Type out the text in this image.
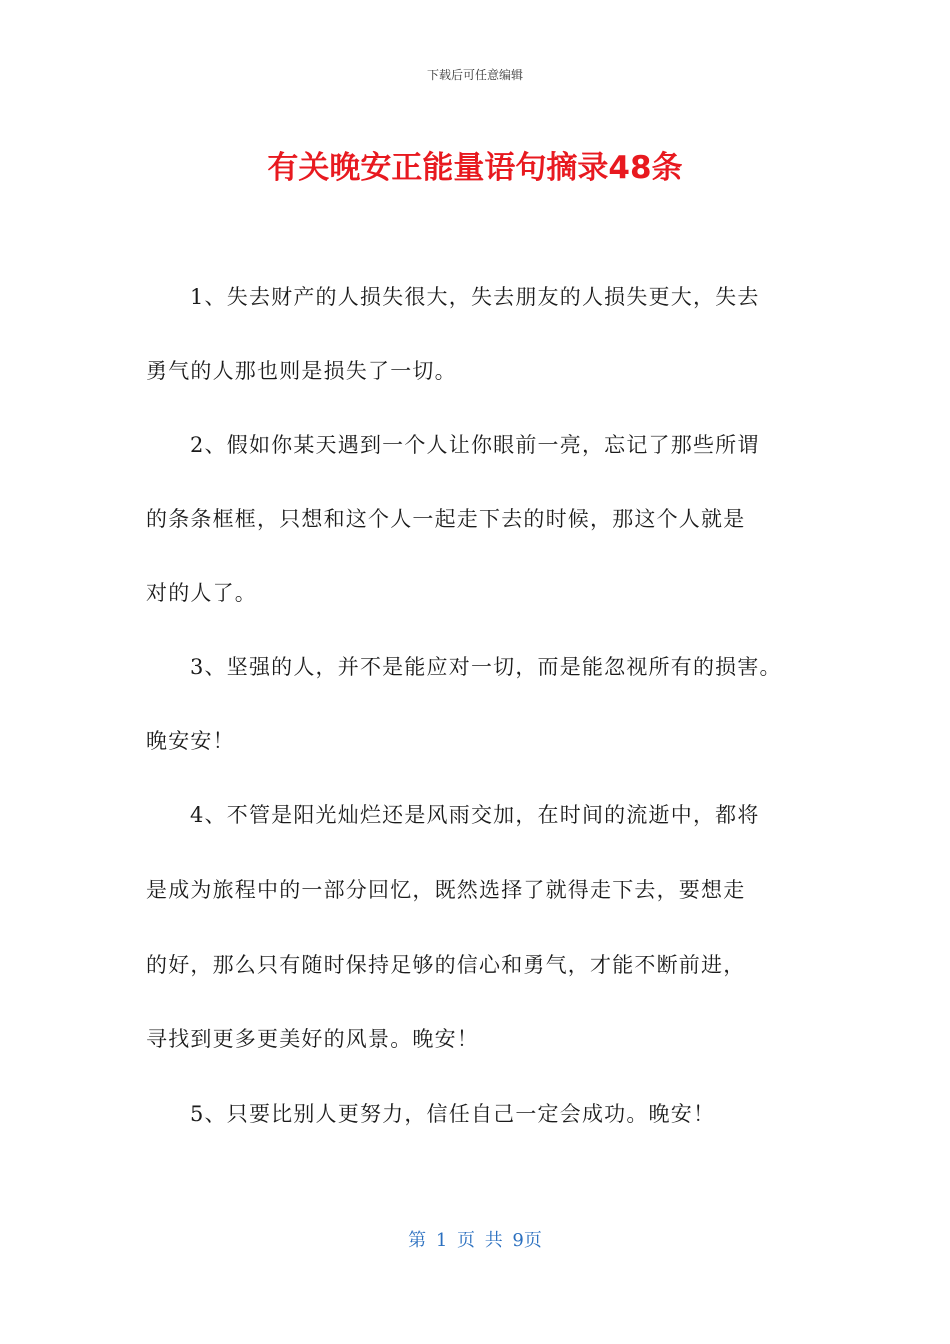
下载后可任意编辑
有关晚安正能量语句摘录48条
1、失去财产的人损失很大，失去朋友的人损失更大，失去
勇气的人那也则是损失了一切。
2、假如你某天遇到一个人让你眼前一亮，忘记了那些所谓
的条条框框，只想和这个人一起走下去的时候，那这个人就是
对的人了。
3、坚强的人，并不是能应对一切，而是能忽视所有的损害。
晚安安！
4、不管是阳光灿烂还是风雨交加，在时间的流逝中，都将
是成为旅程中的一部分回忆，既然选择了就得走下去，要想走
的好，那么只有随时保持足够的信心和勇气，才能不断前进，
寻找到更多更美好的风景。晚安！
5、只要比别人更努力，信任自己一定会成功。晚安！
第 1 页 共 9页
